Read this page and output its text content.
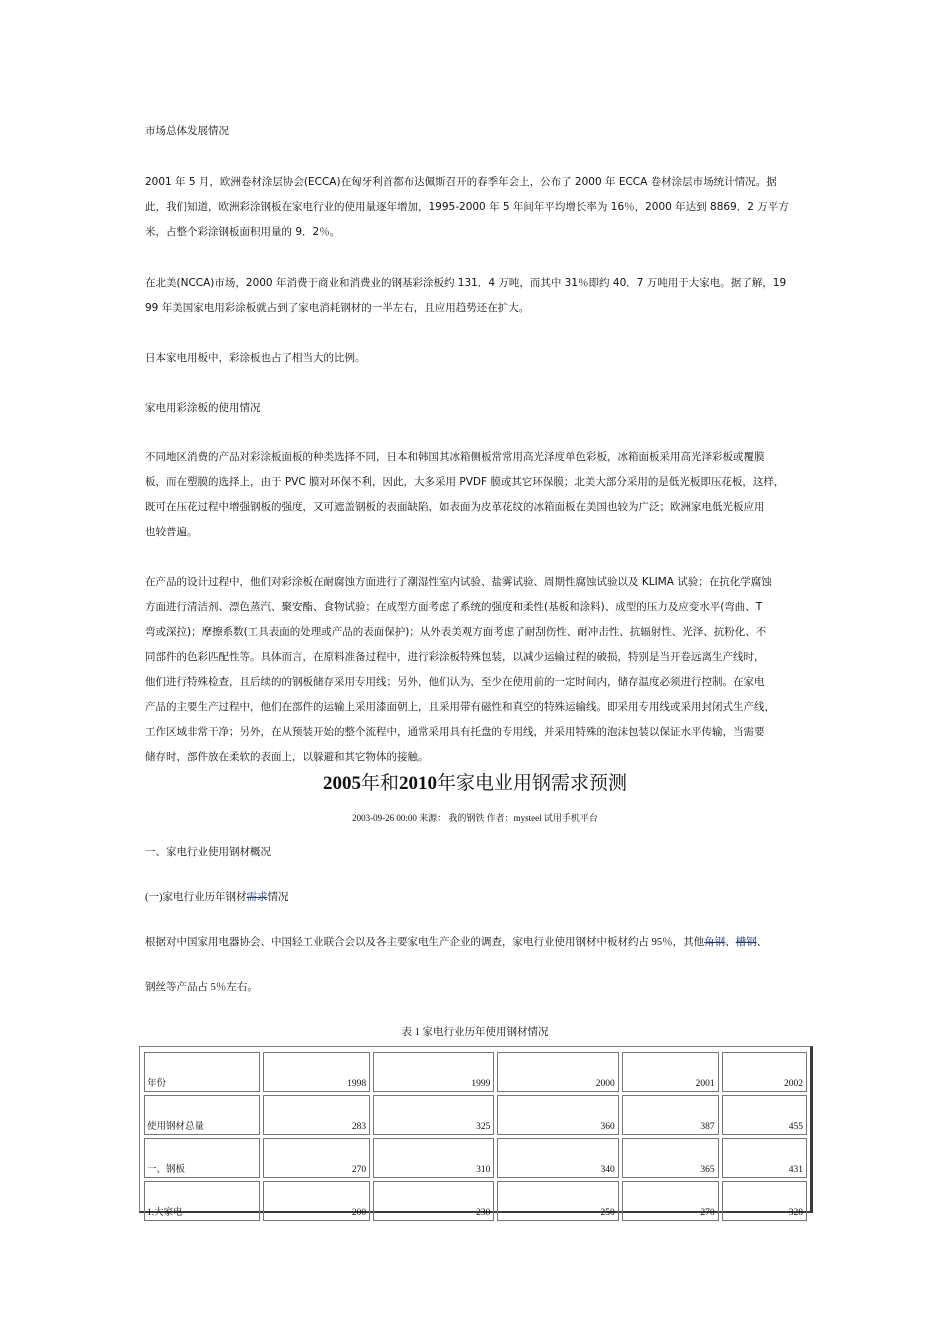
市场总体发展情况

2001 年 5 月，欧洲卷材涂层协会(ECCA)在匈牙利首都布达佩斯召开的春季年会上，公布了 2000 年 ECCA 卷材涂层市场统计情况。据
此，我们知道，欧洲彩涂钢板在家电行业的使用量逐年增加，1995-2000 年 5 年间年平均增长率为 16％，2000 年达到 8869．2 万平方
米，占整个彩涂钢板面积用量的 9．2％。
在北美(NCCA)市场，2000 年消费于商业和消费业的钢基彩涂板约 131．4 万吨，而其中 31％即约 40．7 万吨用于大家电。据了解，19
99 年美国家电用彩涂板就占到了家电消耗钢材的一半左右，且应用趋势还在扩大。

日本家电用板中，彩涂板也占了相当大的比例。

家电用彩涂板的使用情况

不同地区消费的产品对彩涂板面板的种类选择不同，日本和韩国其冰箱侧板常常用高光泽度单色彩板，冰箱面板采用高光泽彩板或覆膜
板，而在塑膜的选择上，由于 PVC 膜对环保不利，因此，大多采用 PVDF 膜或其它环保膜；北美大部分采用的是低光板即压花板，这样，
既可在压花过程中增强钢板的强度，又可遮盖钢板的表面缺陷，如表面为皮革花纹的冰箱面板在美国也较为广泛；欧洲家电低光板应用
也较普遍。
在产品的设计过程中，他们对彩涂板在耐腐蚀方面进行了潮湿性室内试验、盐雾试验、周期性腐蚀试验以及 KLIMA 试验；在抗化学腐蚀
方面进行清洁剂、漂色蒸汽、聚安酯、食物试验；在成型方面考虑了系统的强度和柔性(基板和涂料)、成型的压力及应变水平(弯曲、T
弯或深拉)；摩擦系数(工具表面的处理或产品的表面保护)；从外表美观方面考虑了耐刮伤性、耐冲击性、抗辐射性、光泽、抗粉化、不
同部件的色彩匹配性等。具体而言，在原料准备过程中，进行彩涂板特殊包装，以减少运输过程的破损，特别是当开卷远离生产线时，
他们进行特殊检查，且后续的的钢板储存采用专用线；另外，他们认为，至少在使用前的一定时间内，储存温度必须进行控制。在家电
产品的主要生产过程中，他们在部件的运输上采用漆面朝上，且采用带有磁性和真空的特殊运输线。即采用专用线或采用封闭式生产线，
工作区域非常干净；另外，在从预装开始的整个流程中，通常采用具有托盘的专用线，并采用特殊的泡沫包装以保证水平传输，当需要
储存时，部件放在柔软的表面上，以躲避和其它物体的接触。
2005年和2010年家电业用钢需求预测
2003-09-26 00:00 来源： 我的钢铁 作者：mysteel 试用手机平台

一、家电行业使用钢材概况

(一)家电行业历年钢材需求情况

根据对中国家用电器协会、中国轻工业联合会以及各主要家电生产企业的调查，家电行业使用钢材中板材约占 95％，其他角钢、槽钢、

钢丝等产品占 5％左右。

表 1 家电行业历年使用钢材情况
年份	1998	1999	2000	2001	2002
使用钢材总量	283	325	360	387	455
一、钢板	270	310	340	365	431
1.大家电	200	230	250	270	328
